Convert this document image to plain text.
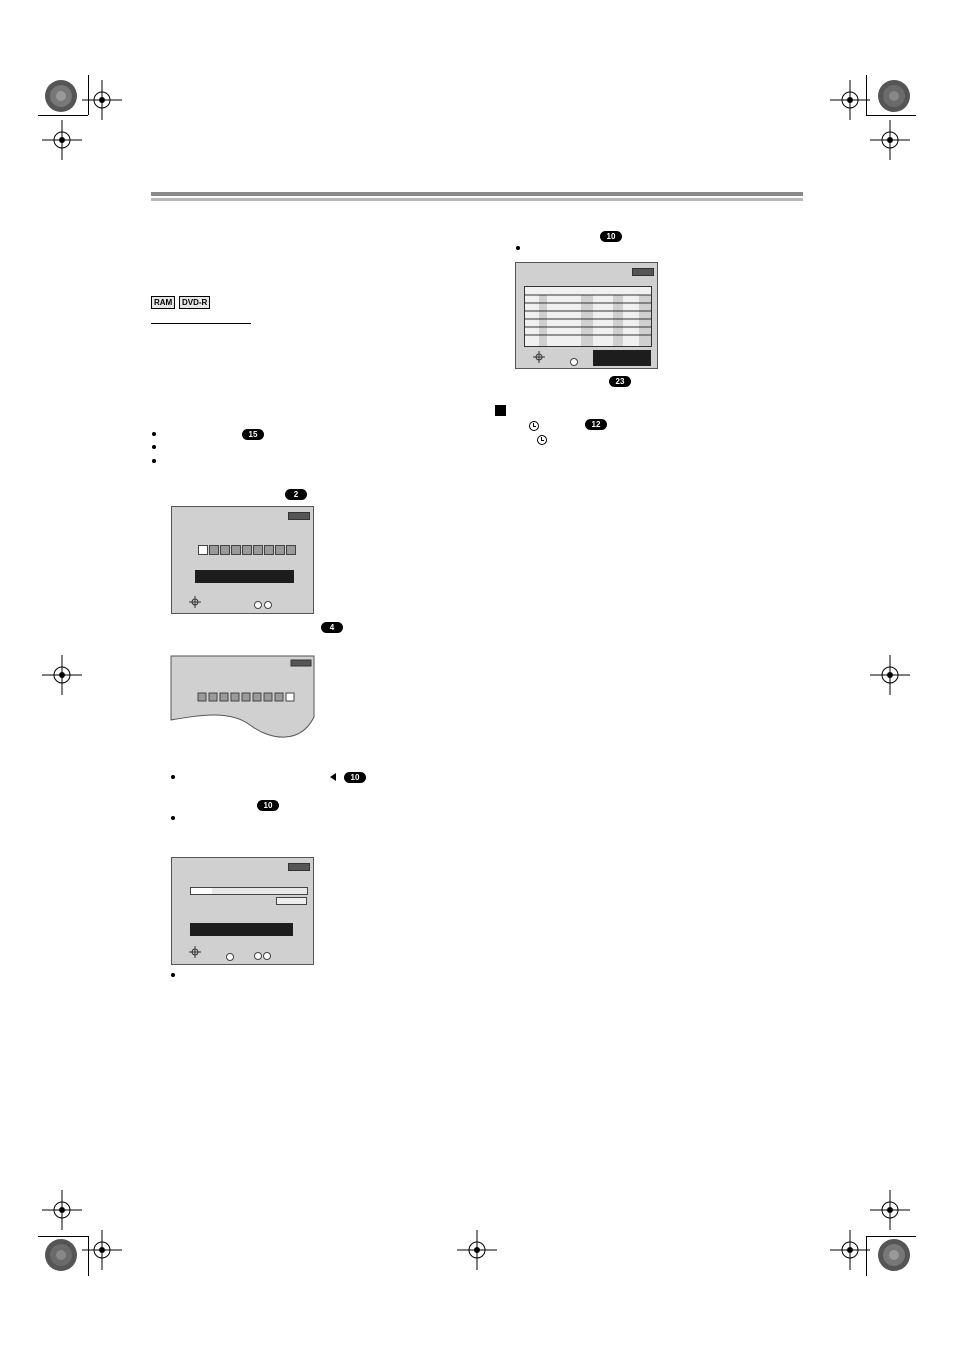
RAM	DVD-R
15
2
4
10
10
10
23
12
